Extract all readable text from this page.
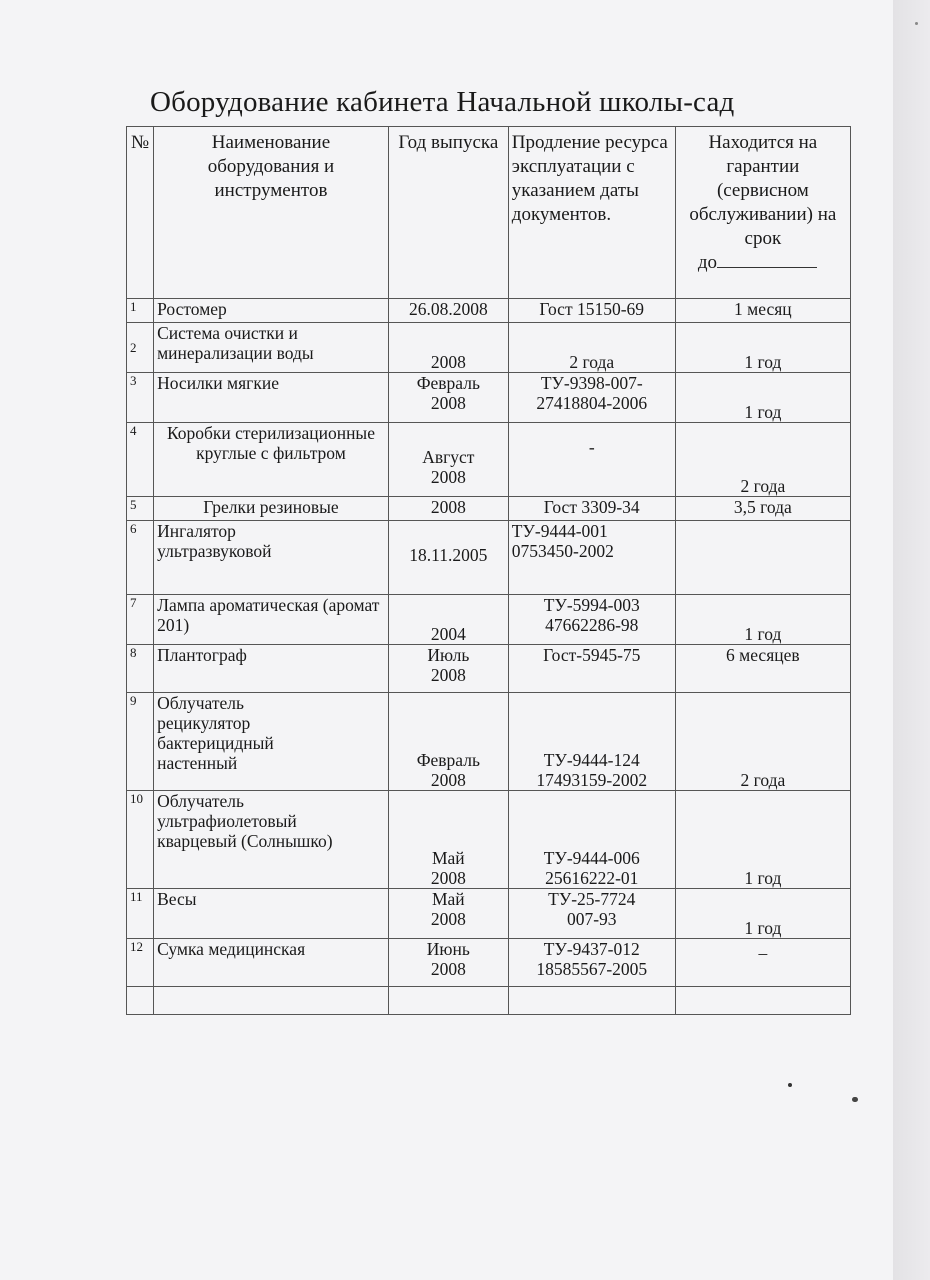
Оборудование кабинета Начальной школы-сад
№	Наименование оборудования и инструментов	Год выпуска	Продление ресурса эксплуатации с указанием даты документов.	Находится на гарантии (сервисном обслуживании) на срок
до
1	Ростомер	26.08.2008	Гост 15150-69	1 месяц
2	Система очистки и минерализации воды	2008	2 года	1 год
3	Носилки мягкие	Февраль 2008	ТУ-9398-007-27418804-2006	1 год
4	Коробки стерилизационные круглые с фильтром	Август 2008	-	2 года
5	Грелки резиновые	2008	Гост 3309-34	3,5 года
6	Ингалятор ультразвуковой	18.11.2005	ТУ-9444-001 0753450-2002	
7	Лампа ароматическая (аромат 201)	2004	ТУ-5994-003 47662286-98	1 год
8	Плантограф	Июль 2008	Гост-5945-75	6 месяцев
9	Облучатель рецикулятор бактерицидный настенный	Февраль 2008	ТУ-9444-124 17493159-2002	2 года
10	Облучатель ультрафиолетовый кварцевый (Солнышко)	Май 2008	ТУ-9444-006 25616222-01	1 год
11	Весы	Май 2008	ТУ-25-7724 007-93	1 год
12	Сумка медицинская	Июнь 2008	ТУ-9437-012 18585567-2005	–
